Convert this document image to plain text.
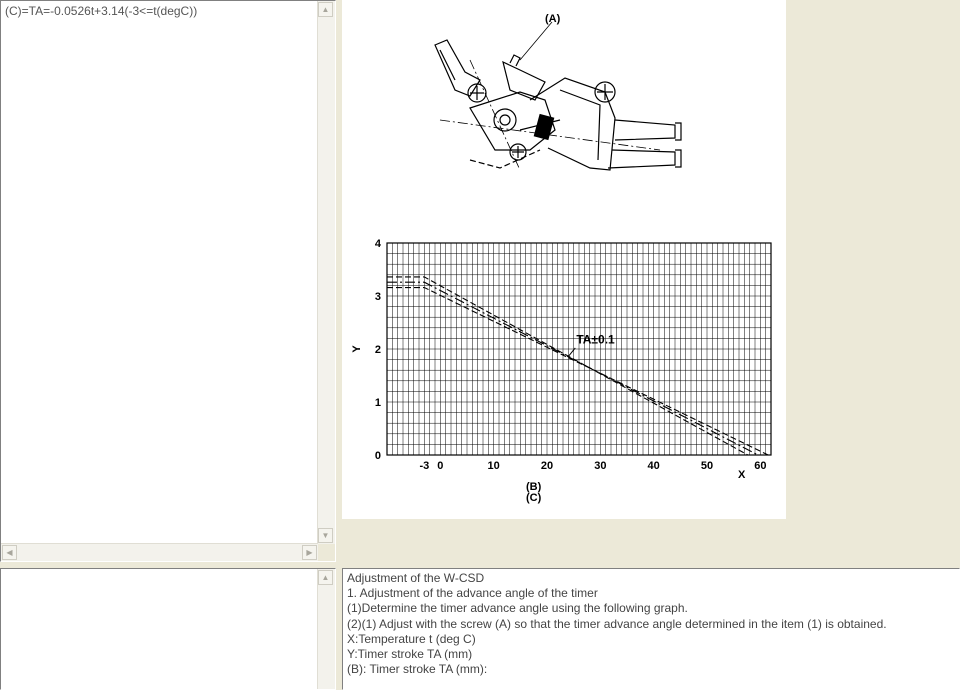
(C)=TA=-0.0526t+3.14(-3<=t(degC))	▲
▼
◀	▶
(A)
-3 0	10	20	30	40	50	60
0
1
2
3
4
X
Y
(B)
(C)
TA±0.1
▲ Adjustment of the W-CSD
1. Adjustment of the advance angle of the timer
(1)Determine the timer advance angle using the following graph.
(2)(1) Adjust with the screw (A) so that the timer advance angle determined in the item (1) is obtained.
X:Temperature t (deg C)
Y:Timer stroke TA (mm)
(B): Timer stroke TA (mm):
